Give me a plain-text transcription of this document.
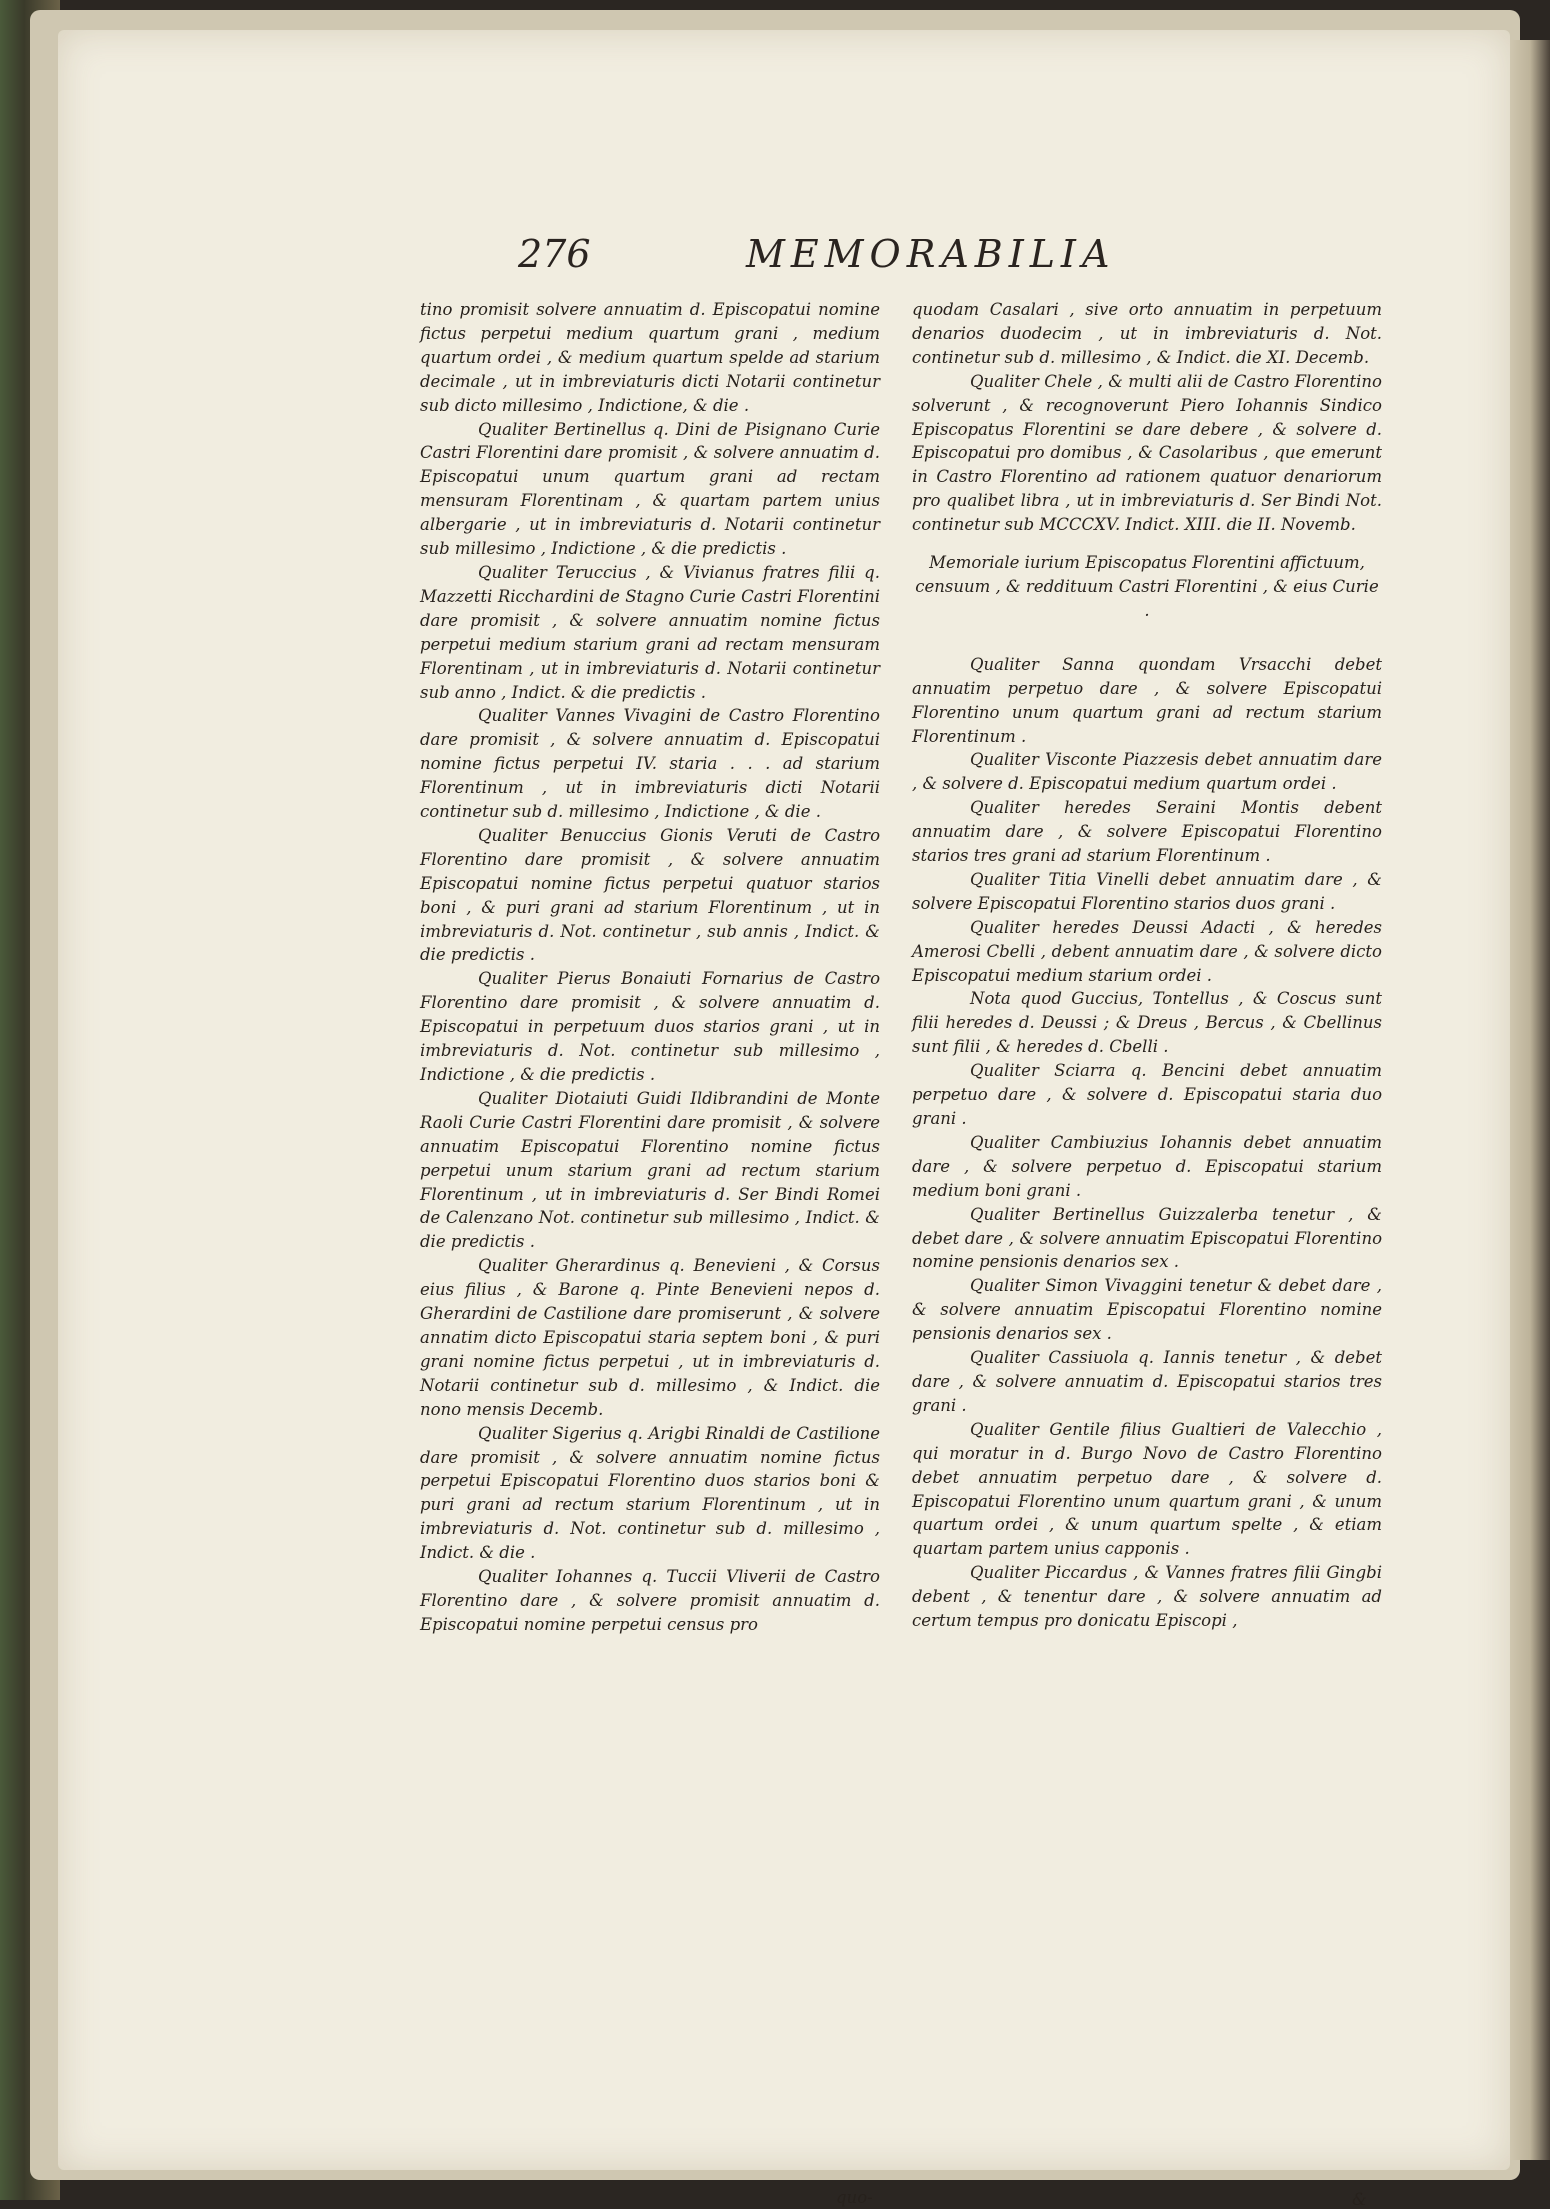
276	MEMORABILIA

tino promisit solvere annuatim d. Episcopatui nomine fictus perpetui medium quartum grani , medium quartum ordei , & medium quartum spelde ad starium decimale , ut in imbreviaturis dicti Notarii continetur sub dicto millesimo , Indictione, & die .

Qualiter Bertinellus q. Dini de Pisignano Curie Castri Florentini dare promisit , & solvere annuatim d. Episcopatui unum quartum grani ad rectam mensuram Florentinam , & quartam partem unius albergarie , ut in imbreviaturis d. Notarii continetur sub millesimo , Indictione , & die predictis .

Qualiter Teruccius , & Vivianus fratres filii q. Mazzetti Ricchardini de Stagno Curie Castri Florentini dare promisit , & solvere annuatim nomine fictus perpetui medium starium grani ad rectam mensuram Florentinam , ut in imbreviaturis d. Notarii continetur sub anno , Indict. & die predictis .

Qualiter Vannes Vivagini de Castro Florentino dare promisit , & solvere annuatim d. Episcopatui nomine fictus perpetui IV. staria . . . ad starium Florentinum , ut in imbreviaturis dicti Notarii continetur sub d. millesimo , Indictione , & die .

Qualiter Benuccius Gionis Veruti de Castro Florentino dare promisit , & solvere annuatim Episcopatui nomine fictus perpetui quatuor starios boni , & puri grani ad starium Florentinum , ut in imbreviaturis d. Not. continetur , sub annis , Indict. & die predictis .

Qualiter Pierus Bonaiuti Fornarius de Castro Florentino dare promisit , & solvere annuatim d. Episcopatui in perpetuum duos starios grani , ut in imbreviaturis d. Not. continetur sub millesimo , Indictione , & die predictis .

Qualiter Diotaiuti Guidi Ildibrandini de Monte Raoli Curie Castri Florentini dare promisit , & solvere annuatim Episcopatui Florentino nomine fictus perpetui unum starium grani ad rectum starium Florentinum , ut in imbreviaturis d. Ser Bindi Romei de Calenzano Not. continetur sub millesimo , Indict. & die predictis .

Qualiter Gherardinus q. Benevieni , & Corsus eius filius , & Barone q. Pinte Benevieni nepos d. Gherardini de Castilione dare promiserunt , & solvere annatim dicto Episcopatui staria septem boni , & puri grani nomine fictus perpetui , ut in imbreviaturis d. Notarii continetur sub d. millesimo , & Indict. die nono mensis Decemb.

Qualiter Sigerius q. Arigbi Rinaldi de Castilione dare promisit , & solvere annuatim nomine fictus perpetui Episcopatui Florentino duos starios boni & puri grani ad rectum starium Florentinum , ut in imbreviaturis d. Not. continetur sub d. millesimo , Indict. & die .

Qualiter Iohannes q. Tuccii Vliverii de Castro Florentino dare , & solvere promisit annuatim d. Episcopatui nomine perpetui census pro

quo-

quodam Casalari , sive orto annuatim in perpetuum denarios duodecim , ut in imbreviaturis d. Not. continetur sub d. millesimo , & Indict. die XI. Decemb.

Qualiter Chele , & multi alii de Castro Florentino solverunt , & recognoverunt Piero Iohannis Sindico Episcopatus Florentini se dare debere , & solvere d. Episcopatui pro domibus , & Casolaribus , que emerunt in Castro Florentino ad rationem quatuor denariorum pro qualibet libra , ut in imbreviaturis d. Ser Bindi Not. continetur sub MCCCXV. Indict. XIII. die II. Novemb.

Memoriale iurium Episcopatus Florentini affictuum, censuum , & reddituum Castri Florentini , & eius Curie .

Qualiter Sanna quondam Vrsacchi debet annuatim perpetuo dare , & solvere Episcopatui Florentino unum quartum grani ad rectum starium Florentinum .

Qualiter Visconte Piazzesis debet annuatim dare , & solvere d. Episcopatui medium quartum ordei .

Qualiter heredes Seraini Montis debent annuatim dare , & solvere Episcopatui Florentino starios tres grani ad starium Florentinum .

Qualiter Titia Vinelli debet annuatim dare , & solvere Episcopatui Florentino starios duos grani .

Qualiter heredes Deussi Adacti , & heredes Amerosi Cbelli , debent annuatim dare , & solvere dicto Episcopatui medium starium ordei .

Nota quod Guccius, Tontellus , & Coscus sunt filii heredes d. Deussi ; & Dreus , Bercus , & Cbellinus sunt filii , & heredes d. Cbelli .

Qualiter Sciarra q. Bencini debet annuatim perpetuo dare , & solvere d. Episcopatui staria duo grani .

Qualiter Cambiuzius Iohannis debet annuatim dare , & solvere perpetuo d. Episcopatui starium medium boni grani .

Qualiter Bertinellus Guizzalerba tenetur , & debet dare , & solvere annuatim Episcopatui Florentino nomine pensionis denarios sex .

Qualiter Simon Vivaggini tenetur & debet dare , & solvere annuatim Episcopatui Florentino nomine pensionis denarios sex .

Qualiter Cassiuola q. Iannis tenetur , & debet dare , & solvere annuatim d. Episcopatui starios tres grani .

Qualiter Gentile filius Gualtieri de Valecchio , qui moratur in d. Burgo Novo de Castro Florentino debet annuatim perpetuo dare , & solvere d. Episcopatui Florentino unum quartum grani , & unum quartum ordei , & unum quartum spelte , & etiam quartam partem unius capponis .

Qualiter Piccardus , & Vannes fratres filii Gingbi debent , & tenentur dare , & solvere annuatim ad certum tempus pro donicatu Episcopi ,

&
